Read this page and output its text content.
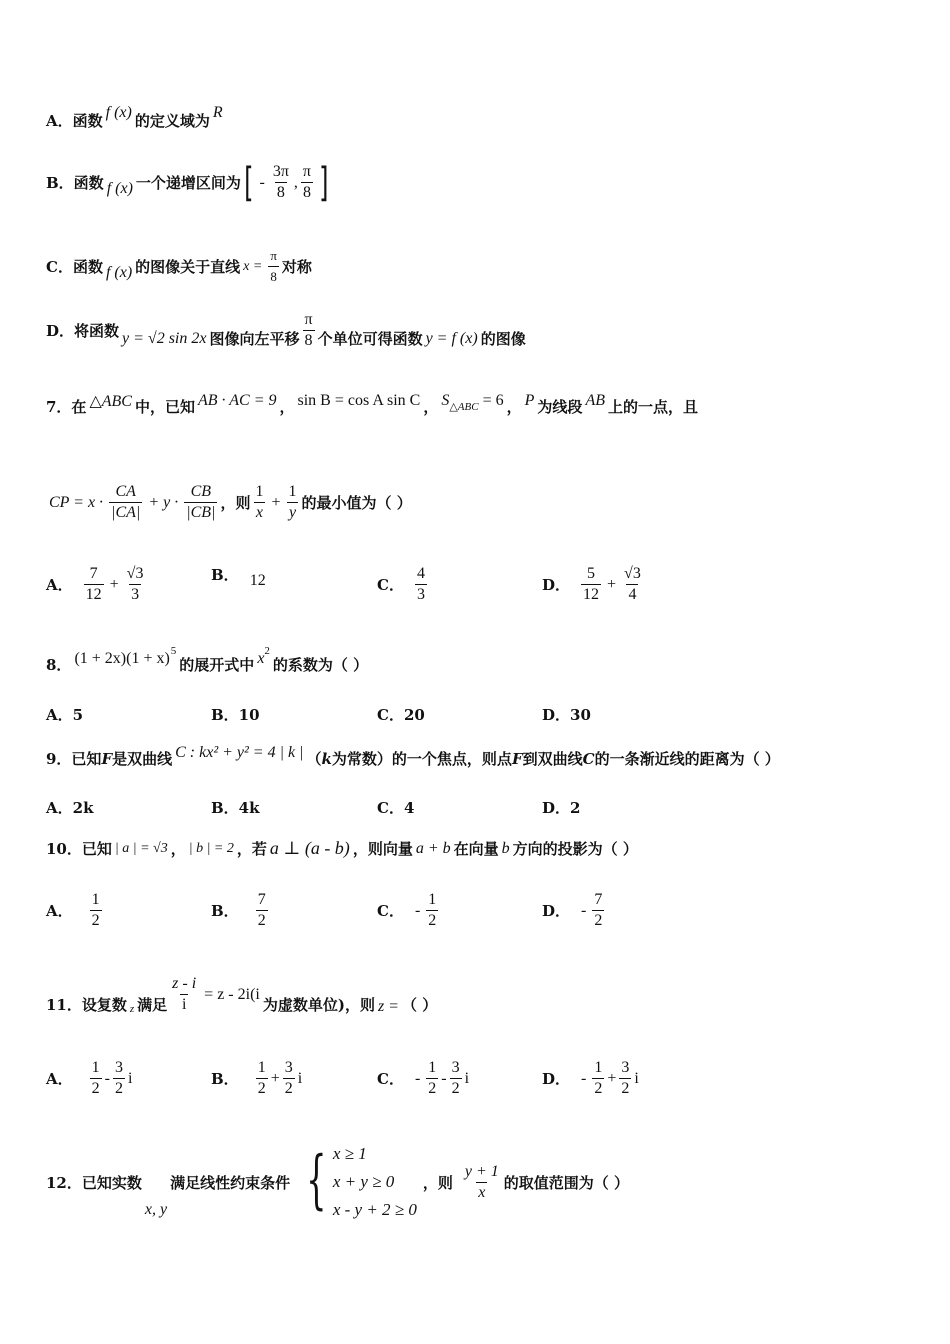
A．函数 f (x) 的定义域为 R
B．函数 f (x) 一个递增区间为 [ - $\frac{3\pi}{8}$ , $\frac{\pi}{8}$ ]
C．函数 f (x) 的图像关于直线 $x = \frac{\pi}{8}$ 对称
D．将函数 y = √2 sin 2x 图像向左平移 $\frac{\pi}{8}$ 个单位可得函数 y = f (x) 的图像
7．在 △ABC 中，已知 AB · AC = 9 ， sin B = cos A sin C ， $S_{\triangle ABC} = 6$ ， P 为线段 AB 上的一点，且
CP = $x \cdot \frac{CA}{|CA|} + y \cdot \frac{CB}{|CB|}$ ，则 $\frac{1}{x} + \frac{1}{y}$ 的最小值为（ ）
A． $\frac{7}{12} + \frac{√3}{3}$	B． 12	C． $\frac{4}{3}$	D． $\frac{5}{12} + \frac{√3}{4}$
8． (1 + 2x)(1 + x) 5
的展开式中 x 2
的系数为（ ）
A．5	B．10	C．20	D．30
9．已知 F 是双曲线 C : kx² + y² = 4 | k | （ k 为常数）的一个焦点，则点 F 到双曲线 C 的一条渐近线的距离为（ ）
A．2k	B．4k	C．4	D．2
10．已知 | a | = √3 ， | b | = 2 ，若 a ⊥ (a - b) ，则向量 a + b 在向量 b 方向的投影为（ ）
A． $\frac{1}{2}$	B． $\frac{7}{2}$	C． - $\frac{1}{2}$	D． - $\frac{7}{2}$
11．设复数 z 满足 $\frac{z - i}{i} = z - 2i(i$
为虚数单位)，则 z = （ ）
A． $\frac{1}{2} - \frac{3}{2}$ i	B． $\frac{1}{2} + \frac{3}{2}$ i	C． - $\frac{1}{2} - \frac{3}{2}$ i	D． - $\frac{1}{2} + \frac{3}{2}$ i
12．已知实数
x, y
满足线性约束条件 { x ≥ 1
x + y ≥ 0
x - y + 2 ≥ 0
，则 $\frac{y + 1}{x}$ 的取值范围为（ ）
